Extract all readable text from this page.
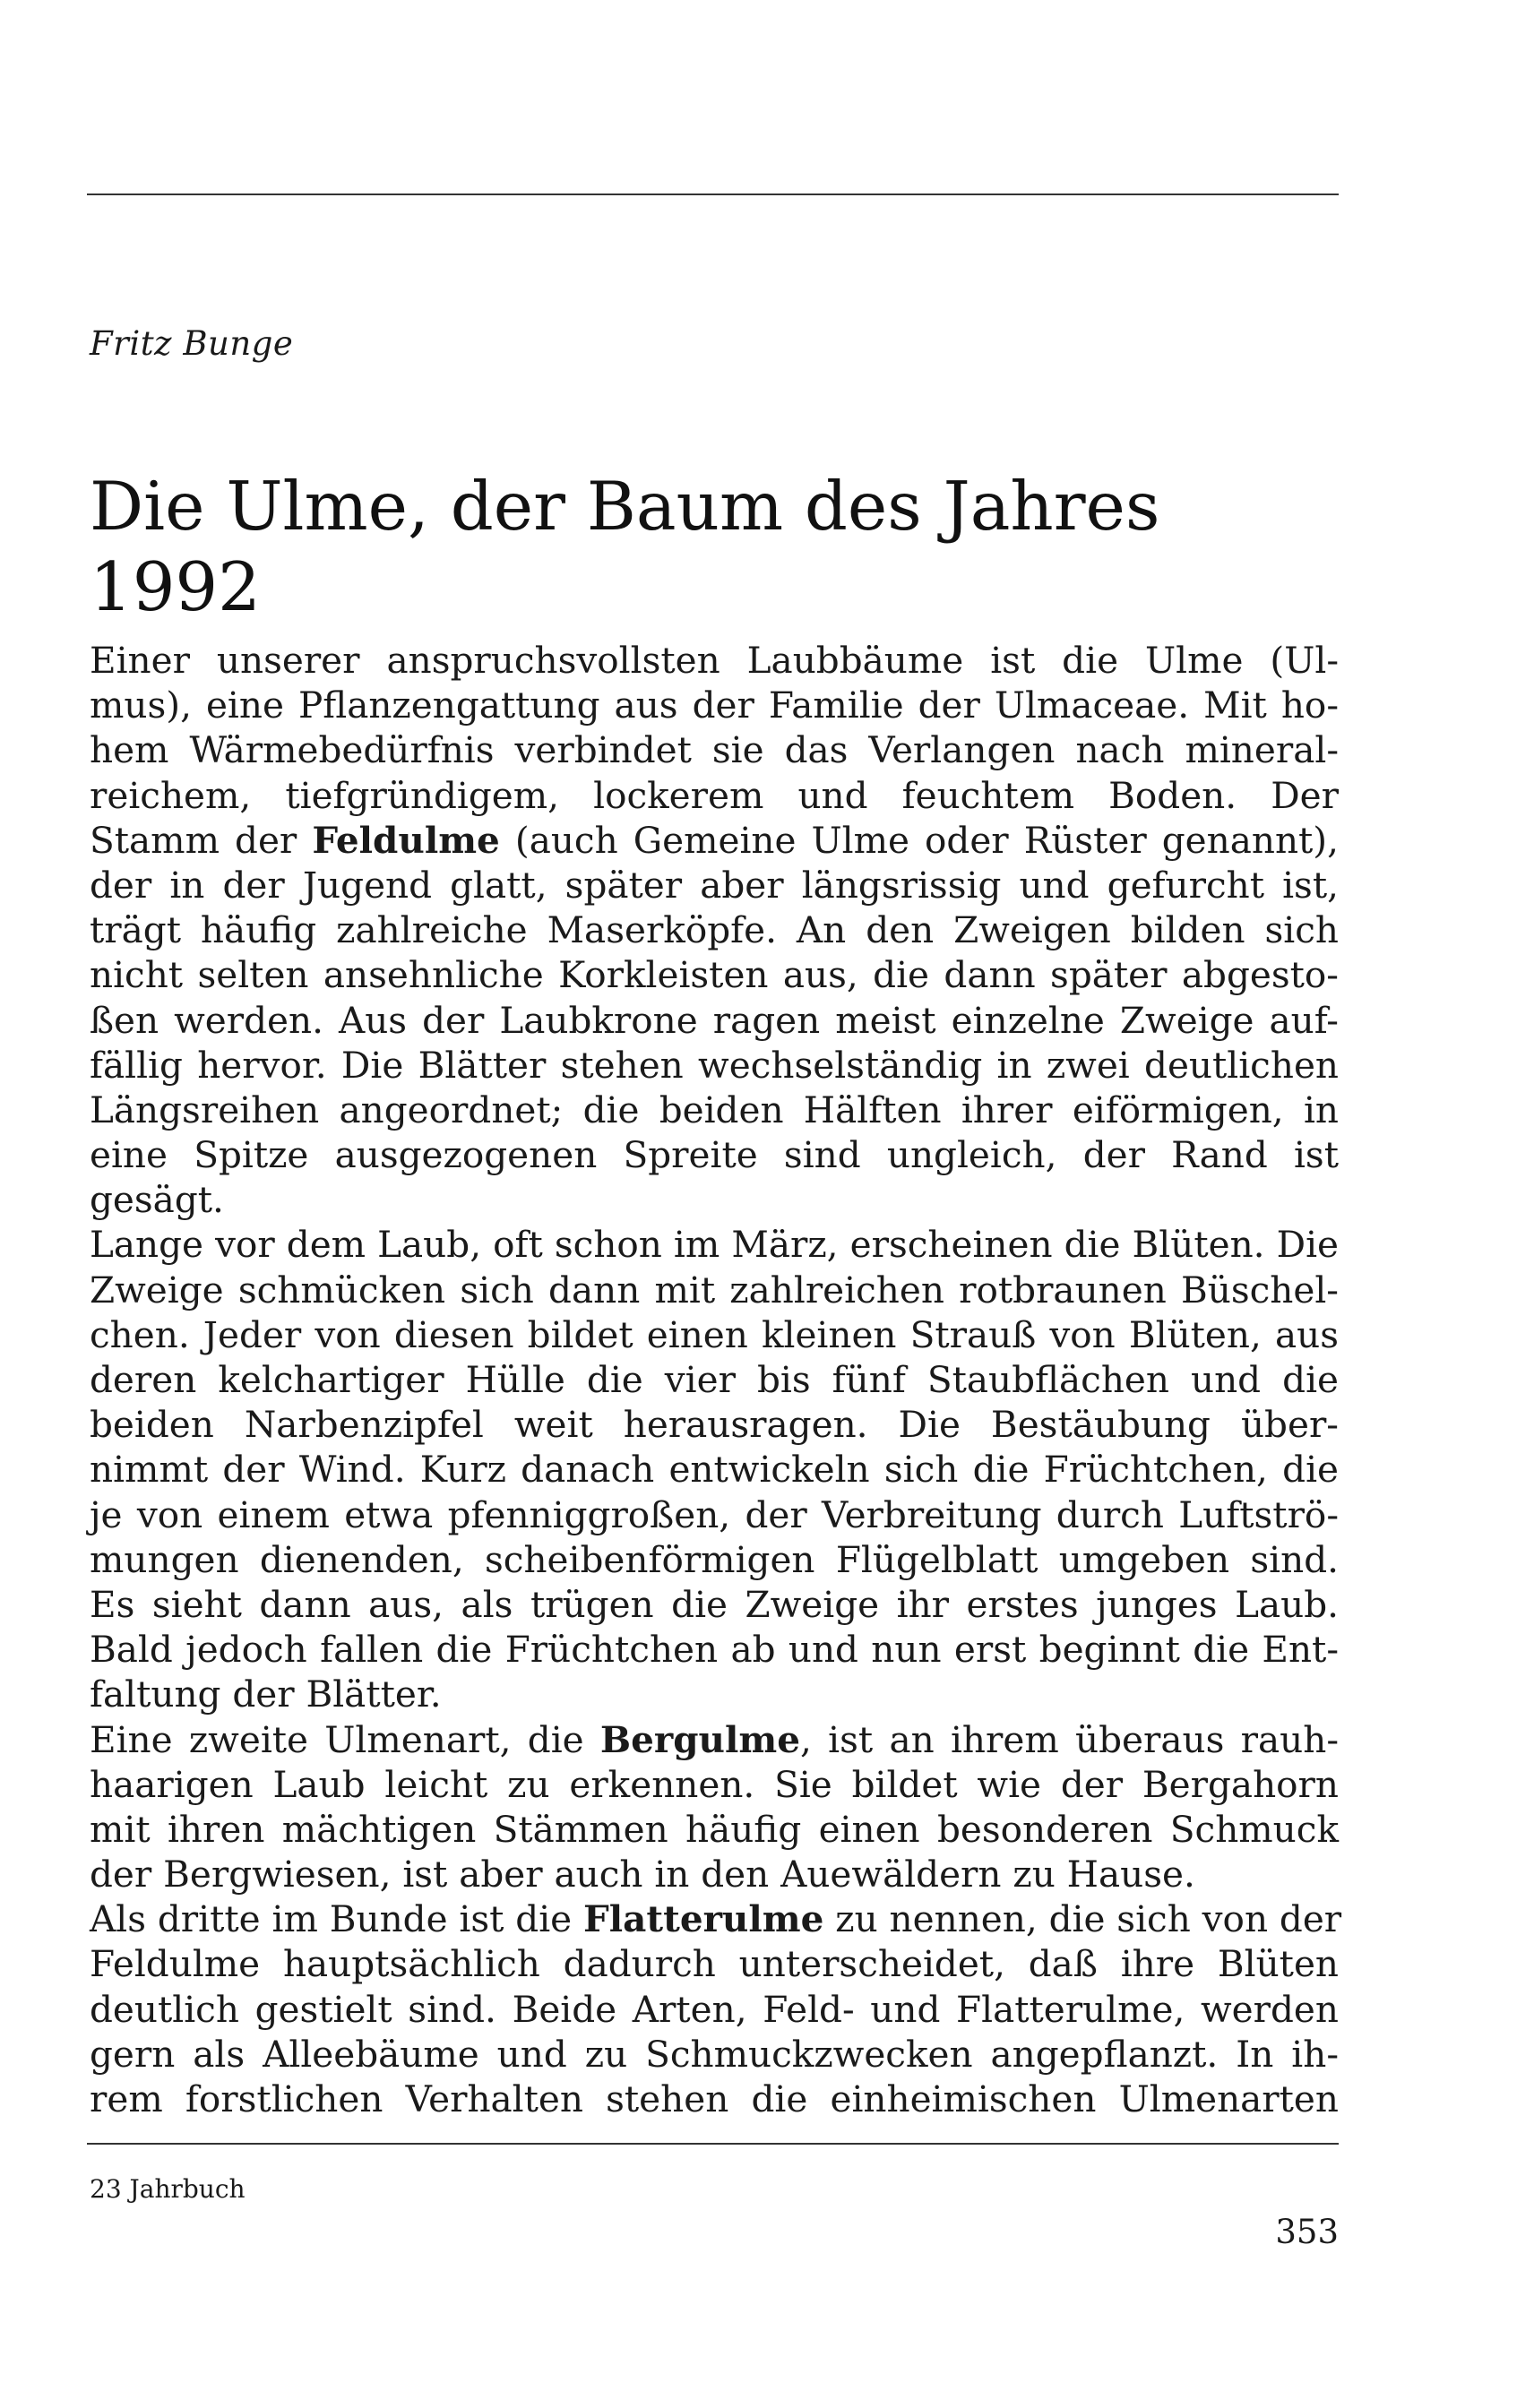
Fritz Bunge
Die Ulme, der Baum des Jahres 1992
Einer unserer anspruchsvollsten Laubbäume ist die Ulme (Ul-
mus), eine Pflanzengattung aus der Familie der Ulmaceae. Mit ho-
hem Wärmebedürfnis verbindet sie das Verlangen nach mineral-
reichem, tiefgründigem, lockerem und feuchtem Boden. Der
Stamm der Feldulme (auch Gemeine Ulme oder Rüster genannt),
der in der Jugend glatt, später aber längsrissig und gefurcht ist,
trägt häufig zahlreiche Maserköpfe. An den Zweigen bilden sich
nicht selten ansehnliche Korkleisten aus, die dann später abgesto-
ßen werden. Aus der Laubkrone ragen meist einzelne Zweige auf-
fällig hervor. Die Blätter stehen wechselständig in zwei deutlichen
Längsreihen angeordnet; die beiden Hälften ihrer eiförmigen, in
eine Spitze ausgezogenen Spreite sind ungleich, der Rand ist
gesägt.
Lange vor dem Laub, oft schon im März, erscheinen die Blüten. Die
Zweige schmücken sich dann mit zahlreichen rotbraunen Büschel-
chen. Jeder von diesen bildet einen kleinen Strauß von Blüten, aus
deren kelchartiger Hülle die vier bis fünf Staubflächen und die
beiden Narbenzipfel weit herausragen. Die Bestäubung über-
nimmt der Wind. Kurz danach entwickeln sich die Früchtchen, die
je von einem etwa pfenniggroßen, der Verbreitung durch Luftströ-
mungen dienenden, scheibenförmigen Flügelblatt umgeben sind.
Es sieht dann aus, als trügen die Zweige ihr erstes junges Laub.
Bald jedoch fallen die Früchtchen ab und nun erst beginnt die Ent-
faltung der Blätter.
Eine zweite Ulmenart, die Bergulme, ist an ihrem überaus rauh-
haarigen Laub leicht zu erkennen. Sie bildet wie der Bergahorn
mit ihren mächtigen Stämmen häufig einen besonderen Schmuck
der Bergwiesen, ist aber auch in den Auewäldern zu Hause.
Als dritte im Bunde ist die Flatterulme zu nennen, die sich von der
Feldulme hauptsächlich dadurch unterscheidet, daß ihre Blüten
deutlich gestielt sind. Beide Arten, Feld- und Flatterulme, werden
gern als Alleebäume und zu Schmuckzwecken angepflanzt. In ih-
rem forstlichen Verhalten stehen die einheimischen Ulmenarten
23 Jahrbuch
353
